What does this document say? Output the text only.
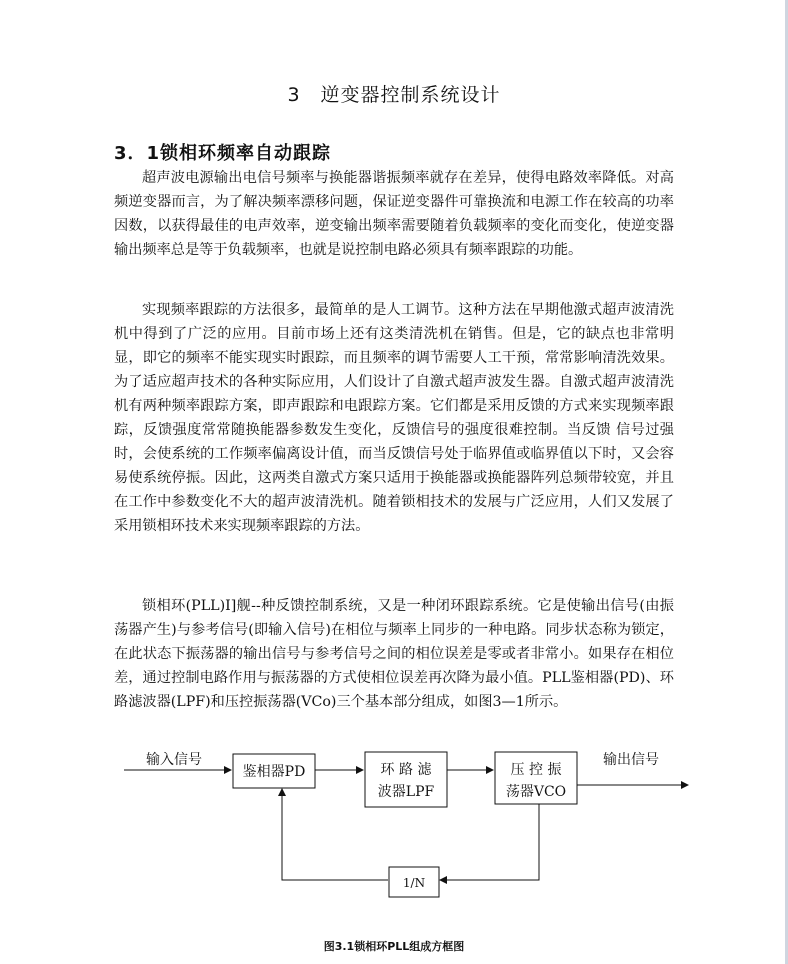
3　逆变器控制系统设计
3．1锁相环频率自动跟踪

超声波电源输出电信号频率与换能器谐振频率就存在差异，使得电路效率降低。对高频逆变器而言，为了解决频率漂移问题，保证逆变器件可靠换流和电源工作在较高的功率因数，以获得最佳的电声效率，逆变输出频率需要随着负载频率的变化而变化，使逆变器输出频率总是等于负载频率，也就是说控制电路必须具有频率跟踪的功能。

实现频率跟踪的方法很多，最简单的是人工调节。这种方法在早期他激式超声波清洗机中得到了广泛的应用。目前市场上还有这类清洗机在销售。但是，它的缺点也非常明显，即它的频率不能实现实时跟踪，而且频率的调节需要人工干预，常常影响清洗效果。为了适应超声技术的各种实际应用，人们设计了自激式超声波发生器。自激式超声波清洗机有两种频率跟踪方案，即声跟踪和电跟踪方案。它们都是采用反馈的方式来实现频率跟踪，反馈强度常常随换能器参数发生变化，反馈信号的强度很难控制。当反馈 信号过强时，会使系统的工作频率偏离设计值，而当反馈信号处于临界值或临界值以下时，又会容易使系统停振。因此，这两类自激式方案只适用于换能器或换能器阵列总频带较宽，并且在工作中参数变化不大的超声波清洗机。随着锁相技术的发展与广泛应用，人们又发展了采用锁相环技术来实现频率跟踪的方法。

锁相环(PLL)I]舰--种反馈控制系统，又是一种闭环跟踪系统。它是使输出信号(由振荡器产生)与参考信号(即输入信号)在相位与频率上同步的一种电路。同步状态称为锁定，在此状态下振荡器的输出信号与参考信号之间的相位误差是零或者非常小。如果存在相位差，通过控制电路作用与振荡器的方式使相位误差再次降为最小值。PLL鉴相器(PD)、环路滤波器(LPF)和压控振荡器(VCo)三个基本部分组成，如图3—1所示。

输入信号	输出信号
鉴相器PD	环 路 滤
波器LPF
压 控 振
荡器VCO
1/N
图3.1锁相环PLL组成方框图
